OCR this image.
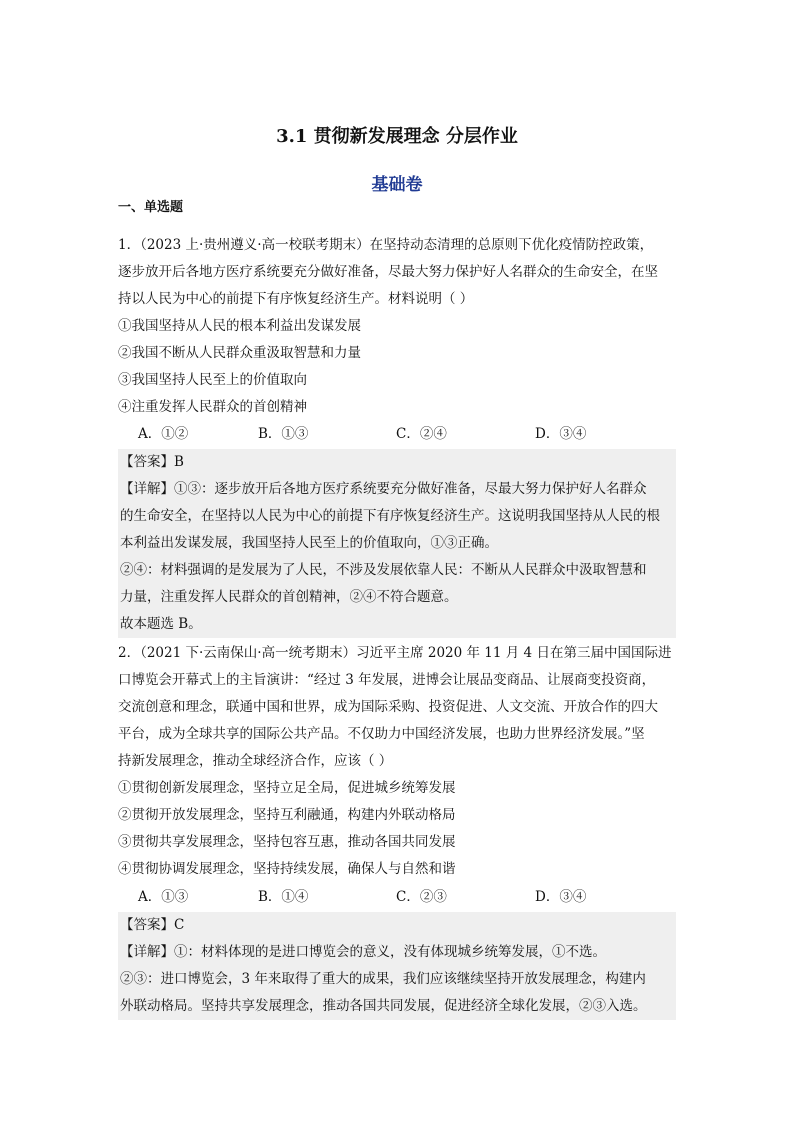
3.1 贯彻新发展理念 分层作业
基础卷
一、单选题
1．（2023 上·贵州遵义·高一校联考期末）在坚持动态清理的总原则下优化疫情防控政策，
逐步放开后各地方医疗系统要充分做好准备，尽最大努力保护好人名群众的生命安全，在坚
持以人民为中心的前提下有序恢复经济生产。材料说明（ ）
①我国坚持从人民的根本利益出发谋发展
②我国不断从人民群众重汲取智慧和力量
③我国坚持人民至上的价值取向
④注重发挥人民群众的首创精神
A．①②	B．①③	C．②④	D．③④
【答案】B
【详解】①③：逐步放开后各地方医疗系统要充分做好准备，尽最大努力保护好人名群众
的生命安全，在坚持以人民为中心的前提下有序恢复经济生产。这说明我国坚持从人民的根
本利益出发谋发展，我国坚持人民至上的价值取向，①③正确。
②④：材料强调的是发展为了人民，不涉及发展依靠人民：不断从人民群众中汲取智慧和
力量，注重发挥人民群众的首创精神，②④不符合题意。
故本题选 B。
2．（2021 下·云南保山·高一统考期末）习近平主席 2020 年 11 月 4 日在第三届中国国际进
口博览会开幕式上的主旨演讲：“经过 3 年发展，进博会让展品变商品、让展商变投资商，
交流创意和理念，联通中国和世界，成为国际采购、投资促进、人文交流、开放合作的四大
平台，成为全球共享的国际公共产品。不仅助力中国经济发展，也助力世界经济发展。”坚
持新发展理念，推动全球经济合作，应该（ ）
①贯彻创新发展理念，坚持立足全局，促进城乡统筹发展
②贯彻开放发展理念，坚持互利融通，构建内外联动格局
③贯彻共享发展理念，坚持包容互惠，推动各国共同发展
④贯彻协调发展理念，坚持持续发展，确保人与自然和谐
A．①③	B．①④	C．②③	D．③④
【答案】C
【详解】①：材料体现的是进口博览会的意义，没有体现城乡统筹发展，①不选。
②③：进口博览会，3 年来取得了重大的成果，我们应该继续坚持开放发展理念，构建内
外联动格局。坚持共享发展理念，推动各国共同发展，促进经济全球化发展，②③入选。
